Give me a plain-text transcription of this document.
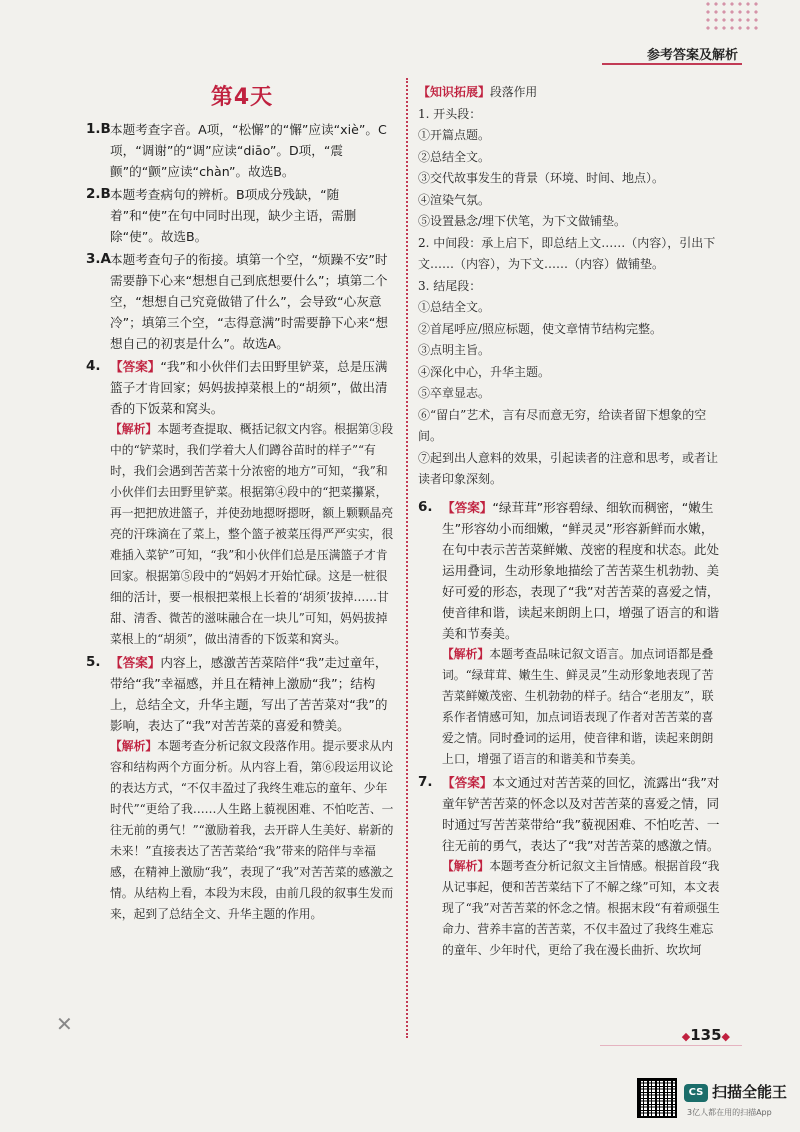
参考答案及解析
第4天
1.B 本题考查字音。A项，“松懈”的“懈”应读“xiè”。C项，“调谢”的“调”应读“diāo”。D项，“震颤”的“颤”应读“chàn”。故选B。
2.B 本题考查病句的辨析。B项成分残缺，“随着”和“使”在句中同时出现，缺少主语，需删除“使”。故选B。
3.A 本题考查句子的衔接。填第一个空，“烦躁不安”时需要静下心来“想想自己到底想要什么”；填第二个空，“想想自己究竟做错了什么”，会导致“心灰意冷”；填第三个空，“志得意满”时需要静下心来“想想自己的初衷是什么”。故选A。
4. 【答案】“我”和小伙伴们去田野里铲菜，总是压满篮子才肯回家；妈妈拔掉菜根上的“胡须”，做出清香的下饭菜和窝头。
【解析】本题考查提取、概括记叙文内容。根据第③段中的“铲菜时，我们学着大人们蹲谷苗时的样子”“有时，我们会遇到苦苦菜十分浓密的地方”可知，“我”和小伙伴们去田野里铲菜。根据第④段中的“把菜攥紧，再一把把放进篮子，并使劲地摁呀摁呀，额上颗颗晶亮亮的汗珠滴在了菜上，整个篮子被菜压得严严实实，很难插入菜铲”可知，“我”和小伙伴们总是压满篮子才肯回家。根据第⑤段中的“妈妈才开始忙碌。这是一桩很细的活计，要一根根把菜根上长着的‘胡须’拔掉……甘甜、清香、微苦的滋味融合在一块儿”可知，妈妈拔掉菜根上的“胡须”，做出清香的下饭菜和窝头。
5. 【答案】内容上，感激苦苦菜陪伴“我”走过童年，带给“我”幸福感，并且在精神上激励“我”；结构上，总结全文，升华主题，写出了苦苦菜对“我”的影响，表达了“我”对苦苦菜的喜爱和赞美。
【解析】本题考查分析记叙文段落作用。提示要求从内容和结构两个方面分析。从内容上看，第⑥段运用议论的表达方式，“不仅丰盈过了我终生难忘的童年、少年时代”“更给了我……人生路上藐视困难、不怕吃苦、一往无前的勇气！”“激励着我，去开辟人生美好、崭新的未来！”直接表达了苦苦菜给“我”带来的陪伴与幸福感，在精神上激励“我”，表现了“我”对苦苦菜的感激之情。从结构上看，本段为末段，由前几段的叙事生发而来，起到了总结全文、升华主题的作用。
【知识拓展】段落作用
1. 开头段：
①开篇点题。
②总结全文。
③交代故事发生的背景（环境、时间、地点）。
④渲染气氛。
⑤设置悬念/埋下伏笔，为下文做铺垫。
2. 中间段：承上启下，即总结上文……（内容），引出下文……（内容），为下文……（内容）做铺垫。
3. 结尾段：
①总结全文。
②首尾呼应/照应标题，使文章情节结构完整。
③点明主旨。
④深化中心，升华主题。
⑤卒章显志。
⑥“留白”艺术，言有尽而意无穷，给读者留下想象的空间。
⑦起到出人意料的效果，引起读者的注意和思考，或者让读者印象深刻。
6. 【答案】“绿茸茸”形容碧绿、细软而稠密，“嫩生生”形容幼小而细嫩，“鲜灵灵”形容新鲜而水嫩，在句中表示苦苦菜鲜嫩、茂密的程度和状态。此处运用叠词，生动形象地描绘了苦苦菜生机勃勃、美好可爱的形态，表现了“我”对苦苦菜的喜爱之情，使音律和谐，读起来朗朗上口，增强了语言的和谐美和节奏美。
【解析】本题考查品味记叙文语言。加点词语都是叠词。“绿茸茸、嫩生生、鲜灵灵”生动形象地表现了苦苦菜鲜嫩茂密、生机勃勃的样子。结合“老朋友”，联系作者情感可知，加点词语表现了作者对苦苦菜的喜爱之情。同时叠词的运用，使音律和谐，读起来朗朗上口，增强了语言的和谐美和节奏美。
7. 【答案】本文通过对苦苦菜的回忆，流露出“我”对童年铲苦苦菜的怀念以及对苦苦菜的喜爱之情，同时通过写苦苦菜带给“我”藐视困难、不怕吃苦、一往无前的勇气，表达了“我”对苦苦菜的感激之情。
【解析】本题考查分析记叙文主旨情感。根据首段“我从记事起，便和苦苦菜结下了不解之缘”可知，本文表现了“我”对苦苦菜的怀念之情。根据末段“有着顽强生命力、营养丰富的苦苦菜，不仅丰盈过了我终生难忘的童年、少年时代，更给了我在漫长曲折、坎坎坷
✕
◆135◆
CS 扫描全能王
3亿人都在用的扫描App
